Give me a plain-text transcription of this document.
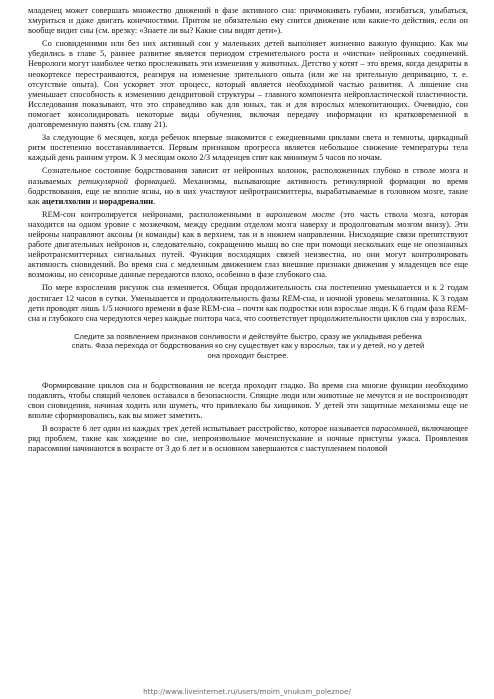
младенец может совершать множество движений в фазе активного сна: причмокивать губами, изгибаться, улыбаться, хмуриться и даже двигать конечностями. Притом не обязательно ему снится движение или какие-то действия, если он вообще видит сны (см. врезку: «Знаете ли вы? Какие сны видят дети»).

Со сновидениями или без них активный сон у маленьких детей выполняет жизненно важную функцию. Как мы убедились в главе 5, раннее развитие является периодом стремительного роста и «чистки» нейронных соединений. Неврологи могут наиболее четко прослеживать эти изменения у животных. Детство у котят – это время, когда дендриты в неокортексе перестраиваются, реагируя на изменение зрительного опыта (или же на зрительную депривацию, т. е. отсутствие опыта). Сон ускоряет этот процесс, который является необходимой частью развития. А лишение сна уменьшает способность к изменению дендритовой структуры – главного компонента нейропластической пластичности. Исследования показывают, что это справедливо как для юных, так и для взрослых млекопитающих. Очевидно, сон помогает консолидировать некоторые виды обучения, включая передачу информации из кратковременной в долговременную память (см. главу 21).

За следующие 6 месяцев, когда ребенок впервые знакомится с ежедневными циклами света и темноты, циркадный ритм постепенно восстанавливается. Первым признаком прогресса является небольшое снижение температуры тела каждый день ранним утром. К 3 месяцам около 2/3 младенцев спят как минимум 5 часов по ночам.

Сознательное состояние бодрствования зависит от нейронных колонок, расположенных глубоко в стволе мозга и называемых ретикулярной формацией. Механизмы, вызывающие активность ретикулярной формации во время бодрствования, еще не вполне ясны, но в них участвуют нейротрансмиттеры, вырабатываемые в головном мозге, такие как ацетилхолин и норадреналин.

REM-сон контролируется нейронами, расположенными в варолиевом мосте (это часть ствола мозга, которая находится на одном уровне с мозжечком, между средним отделом мозга наверху и продолговатым мозгом внизу). Эти нейроны направляют аксоны (и команды) как в верхнем, так и в нижнем направлении. Нисходящие связи препятствуют работе двигательных нейронов и, следовательно, сокращению мышц во сне при помощи нескольких еще не опознанных нейротрансмиттерных сигнальных путей. Функция восходящих связей неизвестна, но они могут контролировать активность сновидений. Во время сна с медленным движением глаз внешние признаки движения у младенцев все еще возможны, но сенсорные данные передаются плохо, особенно в фазе глубокого сна.

По мере взросления рисунок сна изменяется. Общая продолжительность сна постепенно уменьшается и к 2 годам достигает 12 часов в сутки. Уменьшается и продолжительность фазы REM-сна, и ночной уровень мелатонина. К 3 годам дети проводят лишь 1/5 ночного времени в фазе REM-сна – почти как подростки или взрослые люди. К 6 годам фаза REM-сна и глубокого сна чередуются через каждые полтора часа, что соответствует продолжительности циклов сна у взрослых.

Следите за появлением признаков сонливости и действуйте быстро, сразу же укладывая ребенка спать. Фаза перехода от бодрствования ко сну существует как у взрослых, так и у детей, но у детей она проходит быстрее.

Формирование циклов сна и бодрствования не всегда проходит гладко. Во время сна многие функции необходимо подавлять, чтобы спящий человек оставался в безопасности. Спящие люди или животные не мечутся и не воспроизводят свои сновидения, начиная ходить или шуметь, что привлекало бы хищников. У детей эти защитные механизмы еще не вполне сформировались, как вы может заметить.

В возрасте 6 лет один из каждых трех детей испытывает расстройство, которое называется парасомнией, включающее ряд проблем, такие как хождение во сне, непроизвольное мочеиспускание и ночные приступы ужаса. Проявления парасомнии начинаются в возрасте от 3 до 6 лет и в основном завершаются с наступлением половой

http://www.liveinternet.ru/users/moim_vnukam_poleznoe/
